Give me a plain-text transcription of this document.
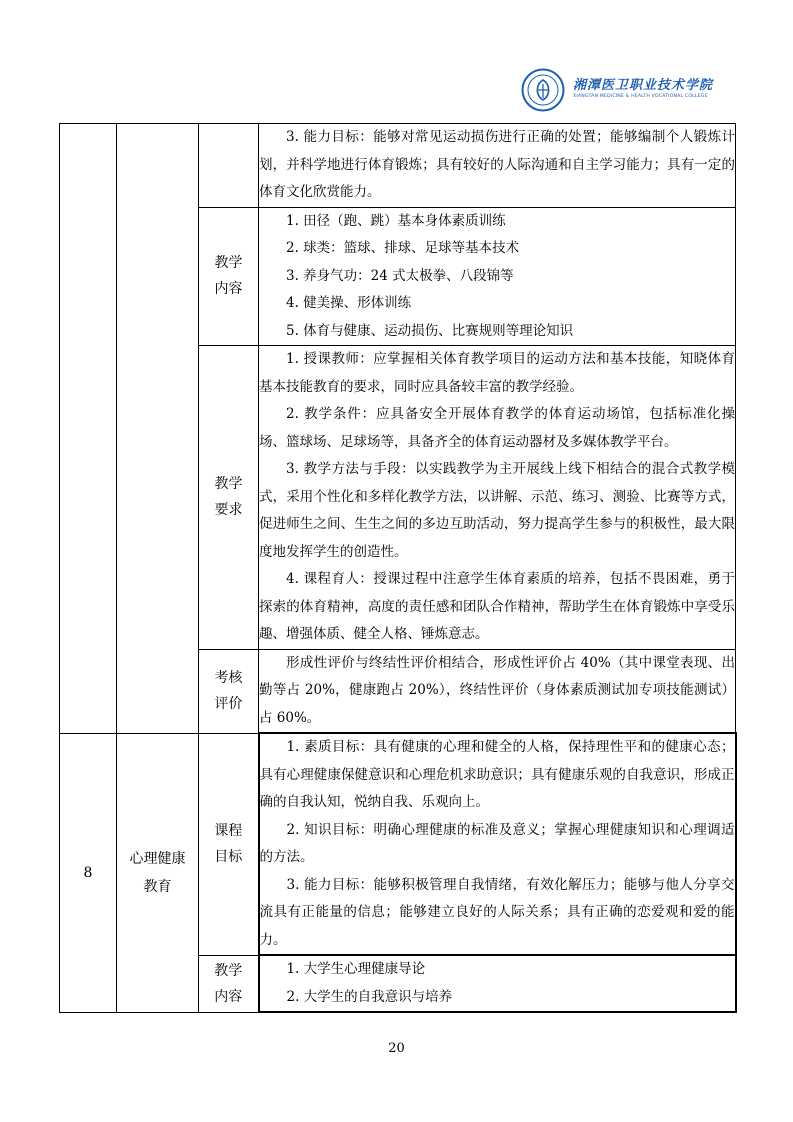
湘潭医卫职业技术学院
XIANGTAN MEDICINE & HEALTH VOCATIONAL COLLEGE

			3. 能力目标：能够对常见运动损伤进行正确的处置；能够编制个人锻炼计划，并科学地进行体育锻炼；具有较好的人际沟通和自主学习能力；具有一定的体育文化欣赏能力。

		教学内容	1. 田径（跑、跳）基本身体素质训练
2. 球类：篮球、排球、足球等基本技术
3. 养身气功：24 式太极拳、八段锦等
4. 健美操、形体训练
5. 体育与健康、运动损伤、比赛规则等理论知识

		教学要求	1. 授课教师：应掌握相关体育教学项目的运动方法和基本技能，知晓体育基本技能教育的要求，同时应具备较丰富的教学经验。

2. 教学条件：应具备安全开展体育教学的体育运动场馆，包括标准化操场、篮球场、足球场等，具备齐全的体育运动器材及多媒体教学平台。

3. 教学方法与手段：以实践教学为主开展线上线下相结合的混合式教学模式，采用个性化和多样化教学方法，以讲解、示范、练习、测验、比赛等方式，促进师生之间、生生之间的多边互助活动，努力提高学生参与的积极性，最大限度地发挥学生的创造性。

4. 课程育人：授课过程中注意学生体育素质的培养，包括不畏困难，勇于探索的体育精神，高度的责任感和团队合作精神，帮助学生在体育锻炼中享受乐趣、增强体质、健全人格、锤炼意志。

		考核评价	形成性评价与终结性评价相结合，形成性评价占 40%（其中课堂表现、出勤等占 20%，健康跑占 20%），终结性评价（身体素质测试加专项技能测试）占 60%。

8	心理健康教育	课程目标	1. 素质目标：具有健康的心理和健全的人格，保持理性平和的健康心态；具有心理健康保健意识和心理危机求助意识；具有健康乐观的自我意识，形成正确的自我认知，悦纳自我、乐观向上。

2. 知识目标：明确心理健康的标准及意义；掌握心理健康知识和心理调适的方法。

3. 能力目标：能够积极管理自我情绪，有效化解压力；能够与他人分享交流具有正能量的信息；能够建立良好的人际关系；具有正确的恋爱观和爱的能力。

		教学内容	1. 大学生心理健康导论
2. 大学生的自我意识与培养
20
